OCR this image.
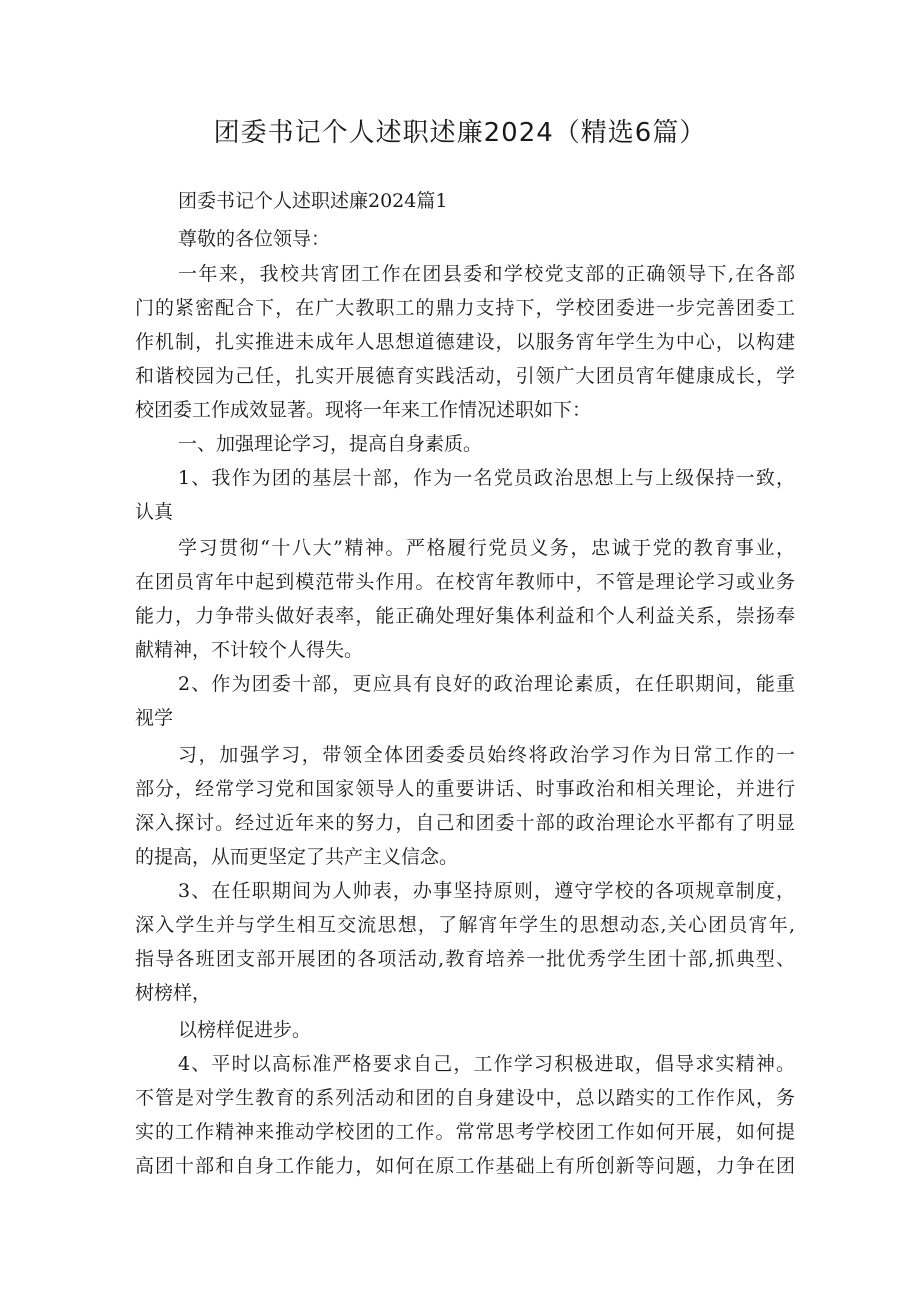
团委书记个人述职述廉2024（精选6篇）

团委书记个人述职述廉2024篇1

尊敬的各位领导：

一年来，我校共宵团工作在团县委和学校党支部的正确领导下,在各部

门的紧密配合下，在广大教职工的鼎力支持下，学校团委进一步完善团委工

作机制，扎实推进未成年人思想道德建设，以服务宵年学生为中心，以构建

和谐校园为己任，扎实开展德育实践活动，引领广大团员宵年健康成长，学

校团委工作成效显著。现将一年来工作情况述职如下：

一、加强理论学习，提高自身素质。

1、我作为团的基层十部，作为一名党员政治思想上与上级保持一致，

认真

学习贯彻“十八大”精神。严格履行党员义务，忠诚于党的教育事业，

在团员宵年中起到模范带头作用。在校宵年教师中，不管是理论学习或业务

能力，力争带头做好表率，能正确处理好集体利益和个人利益关系，崇扬奉

献精神，不计较个人得失。

2、作为团委十部，更应具有良好的政治理论素质，在任职期间，能重

视学

习，加强学习，带领全体团委委员始终将政治学习作为日常工作的一

部分，经常学习党和国家领导人的重要讲话、时事政治和相关理论，并进行

深入探讨。经过近年来的努力，自己和团委十部的政治理论水平都有了明显

的提高，从而更坚定了共产主义信念。

3、在任职期间为人帅表，办事坚持原则，遵守学校的各项规章制度，

深入学生并与学生相互交流思想，了解宵年学生的思想动态,关心团员宵年,

指导各班团支部开展团的各项活动,教育培养一批优秀学生团十部,抓典型、

树榜样，

以榜样促进步。

4、平时以高标准严格要求自己，工作学习积极进取，倡导求实精神。

不管是对学生教育的系列活动和团的自身建设中，总以踏实的工作作风，务

实的工作精神来推动学校团的工作。常常思考学校团工作如何开展，如何提

高团十部和自身工作能力，如何在原工作基础上有所创新等问题，力争在团
